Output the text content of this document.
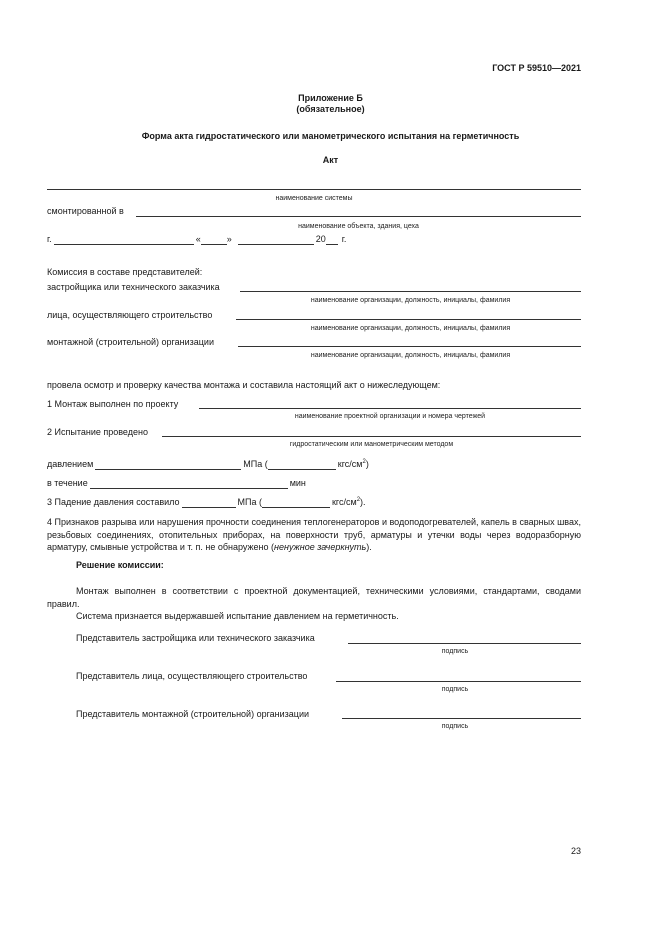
ГОСТ Р 59510—2021
Приложение Б
(обязательное)
Форма акта гидростатического или манометрического испытания на герметичность
Акт
наименование системы
смонтированной в
наименование объекта, здания, цеха
г.	«	»	20 г.
Комиссия в составе представителей:
застройщика или технического заказчика
наименование организации, должность, инициалы, фамилия
лица, осуществляющего строительство
наименование организации, должность, инициалы, фамилия
монтажной (строительной) организации
наименование организации, должность, инициалы, фамилия
провела осмотр и проверку качества монтажа и составила настоящий акт о нижеследующем:
1 Монтаж выполнен по проекту
наименование проектной организации и номера чертежей
2 Испытание проведено
гидростатическим или манометрическим методом
давлением	МПа (	кгс/$см^2$)
в течение	мин
3 Падение давления составило	МПа (	кгс/$см^2$).
4 Признаков разрыва или нарушения прочности соединения теплогенераторов и водоподогревателей, капель в сварных швах, резьбовых соединениях, отопительных приборах, на поверхности труб, арматуры и утечки воды через водоразборную арматуру, смывные устройства и т. п. не обнаружено (ненужное зачеркнуть).
Решение комиссии:
Монтаж выполнен в соответствии с проектной документацией, техническими условиями, стандартами, сводами правил.
Система признается выдержавшей испытание давлением на герметичность.
Представитель застройщика или технического заказчика
подпись
Представитель лица, осуществляющего строительство
подпись
Представитель монтажной (строительной) организации
подпись
23
